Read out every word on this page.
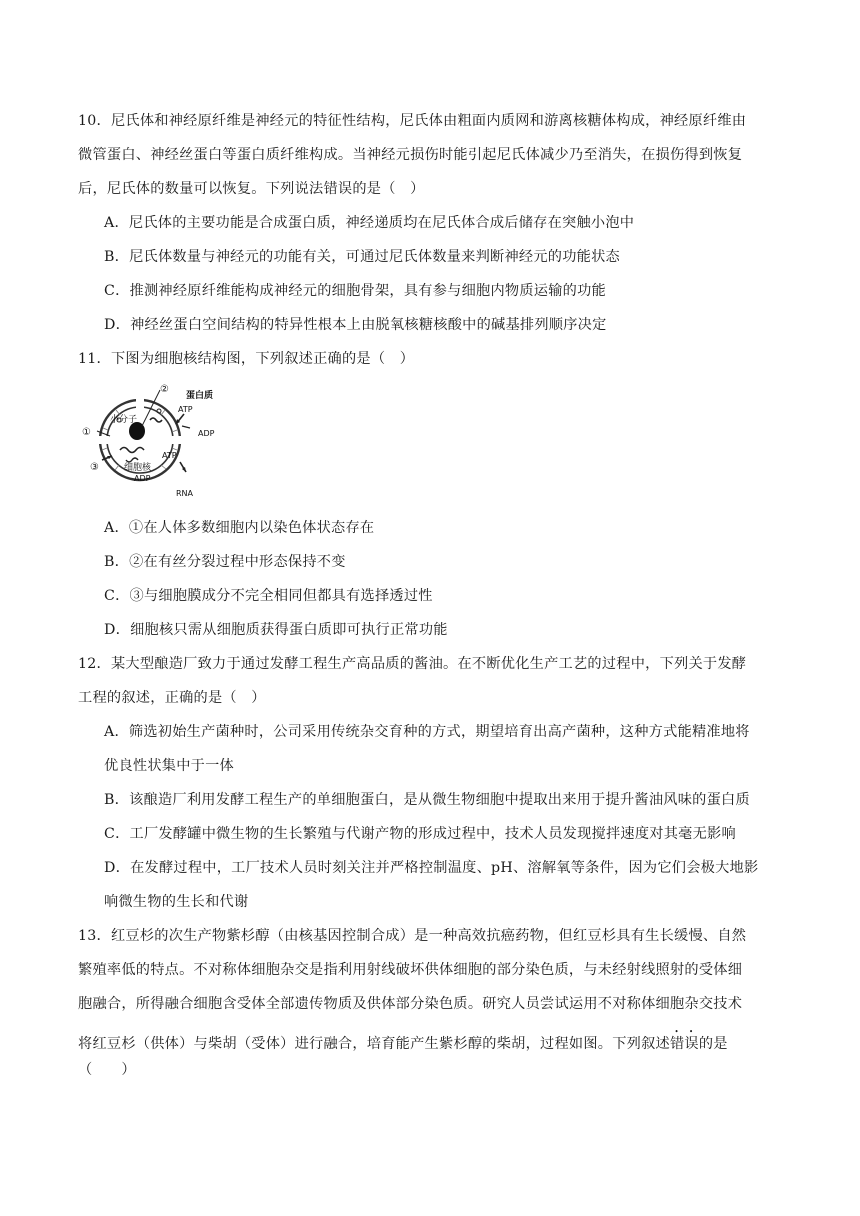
10．尼氏体和神经原纤维是神经元的特征性结构，尼氏体由粗面内质网和游离核糖体构成，神经原纤维由
微管蛋白、神经丝蛋白等蛋白质纤维构成。当神经元损伤时能引起尼氏体减少乃至消失，在损伤得到恢复
后，尼氏体的数量可以恢复。下列说法错误的是（　）
A．尼氏体的主要功能是合成蛋白质，神经递质均在尼氏体合成后储存在突触小泡中
B．尼氏体数量与神经元的功能有关，可通过尼氏体数量来判断神经元的功能状态
C．推测神经原纤维能构成神经元的细胞骨架，具有参与细胞内物质运输的功能
D．神经丝蛋白空间结构的特异性根本上由脱氧核糖核酸中的碱基排列顺序决定
11．下图为细胞核结构图，下列叙述正确的是（　）
②
①
③
蛋白质
ATP
ADP
小分子
细胞核
ATP
ADP
RNA
A．①在人体多数细胞内以染色体状态存在
B．②在有丝分裂过程中形态保持不变
C．③与细胞膜成分不完全相同但都具有选择透过性
D．细胞核只需从细胞质获得蛋白质即可执行正常功能
12．某大型酿造厂致力于通过发酵工程生产高品质的酱油。在不断优化生产工艺的过程中，下列关于发酵
工程的叙述，正确的是（　）
A．筛选初始生产菌种时，公司采用传统杂交育种的方式，期望培育出高产菌种，这种方式能精准地将
优良性状集中于一体
B．该酿造厂利用发酵工程生产的单细胞蛋白，是从微生物细胞中提取出来用于提升酱油风味的蛋白质
C．工厂发酵罐中微生物的生长繁殖与代谢产物的形成过程中，技术人员发现搅拌速度对其毫无影响
D．在发酵过程中，工厂技术人员时刻关注并严格控制温度、pH、溶解氧等条件，因为它们会极大地影
响微生物的生长和代谢
13．红豆杉的次生产物紫杉醇（由核基因控制合成）是一种高效抗癌药物，但红豆杉具有生长缓慢、自然
繁殖率低的特点。不对称体细胞杂交是指利用射线破坏供体细胞的部分染色质，与未经射线照射的受体细
胞融合，所得融合细胞含受体全部遗传物质及供体部分染色质。研究人员尝试运用不对称体细胞杂交技术
将红豆杉（供体）与柴胡（受体）进行融合，培育能产生紫杉醇的柴胡，过程如图。下列叙述错误的是
（　　）
